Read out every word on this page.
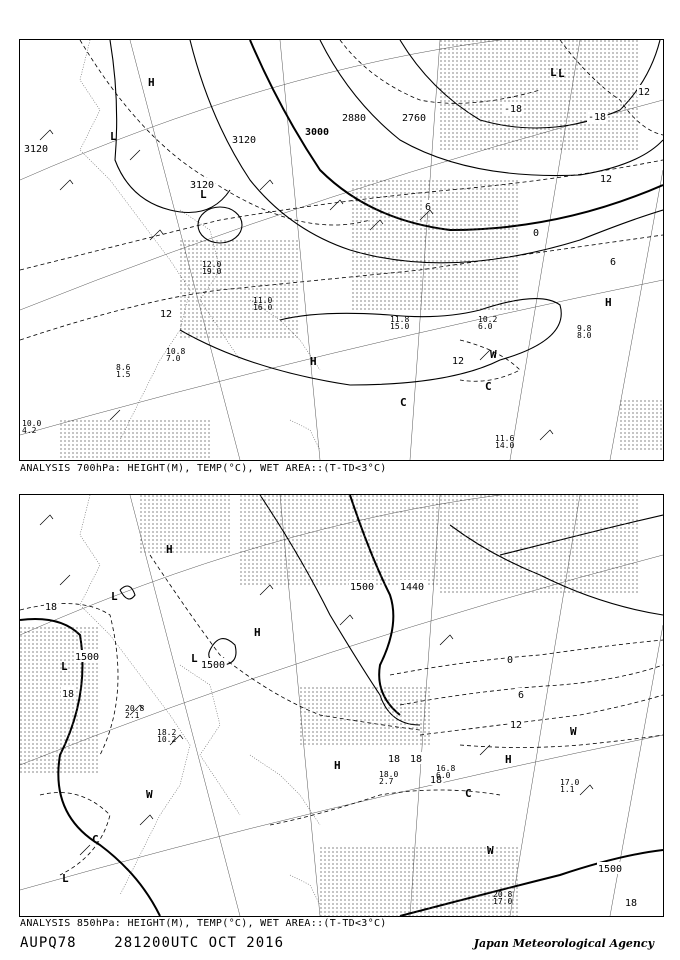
3120
3120
3120
3000
2880	2760
12
6
0
12
6
12
-18
-18
12
L
L
L
H
H
H
W
C
C
L
10.2 6.0
11.8 15.0
11.0 16.0
9.8 8.0
11.6 14.0
12.0 19.0
10.8 7.0
8.6 1.5
10.0 4.2
ANALYSIS 700hPa: HEIGHT(M), TEMP(°C), WET AREA::(T-TD<3°C)
1500
1500
1500
1500
1440
18
18
18
18
12
6
0
18
18
H
H
H	H
L
L
L
L
W
W
C
C
W
18.0 2.7
16.8 6.0
17.0 1.1
20.8 17.0
20.8 2.1
18.2 10.2
ANALYSIS 850hPa: HEIGHT(M), TEMP(°C), WET AREA::(T-TD<3°C)
AUPQ78	281200UTC OCT 2016	Japan Meteorological Agency
